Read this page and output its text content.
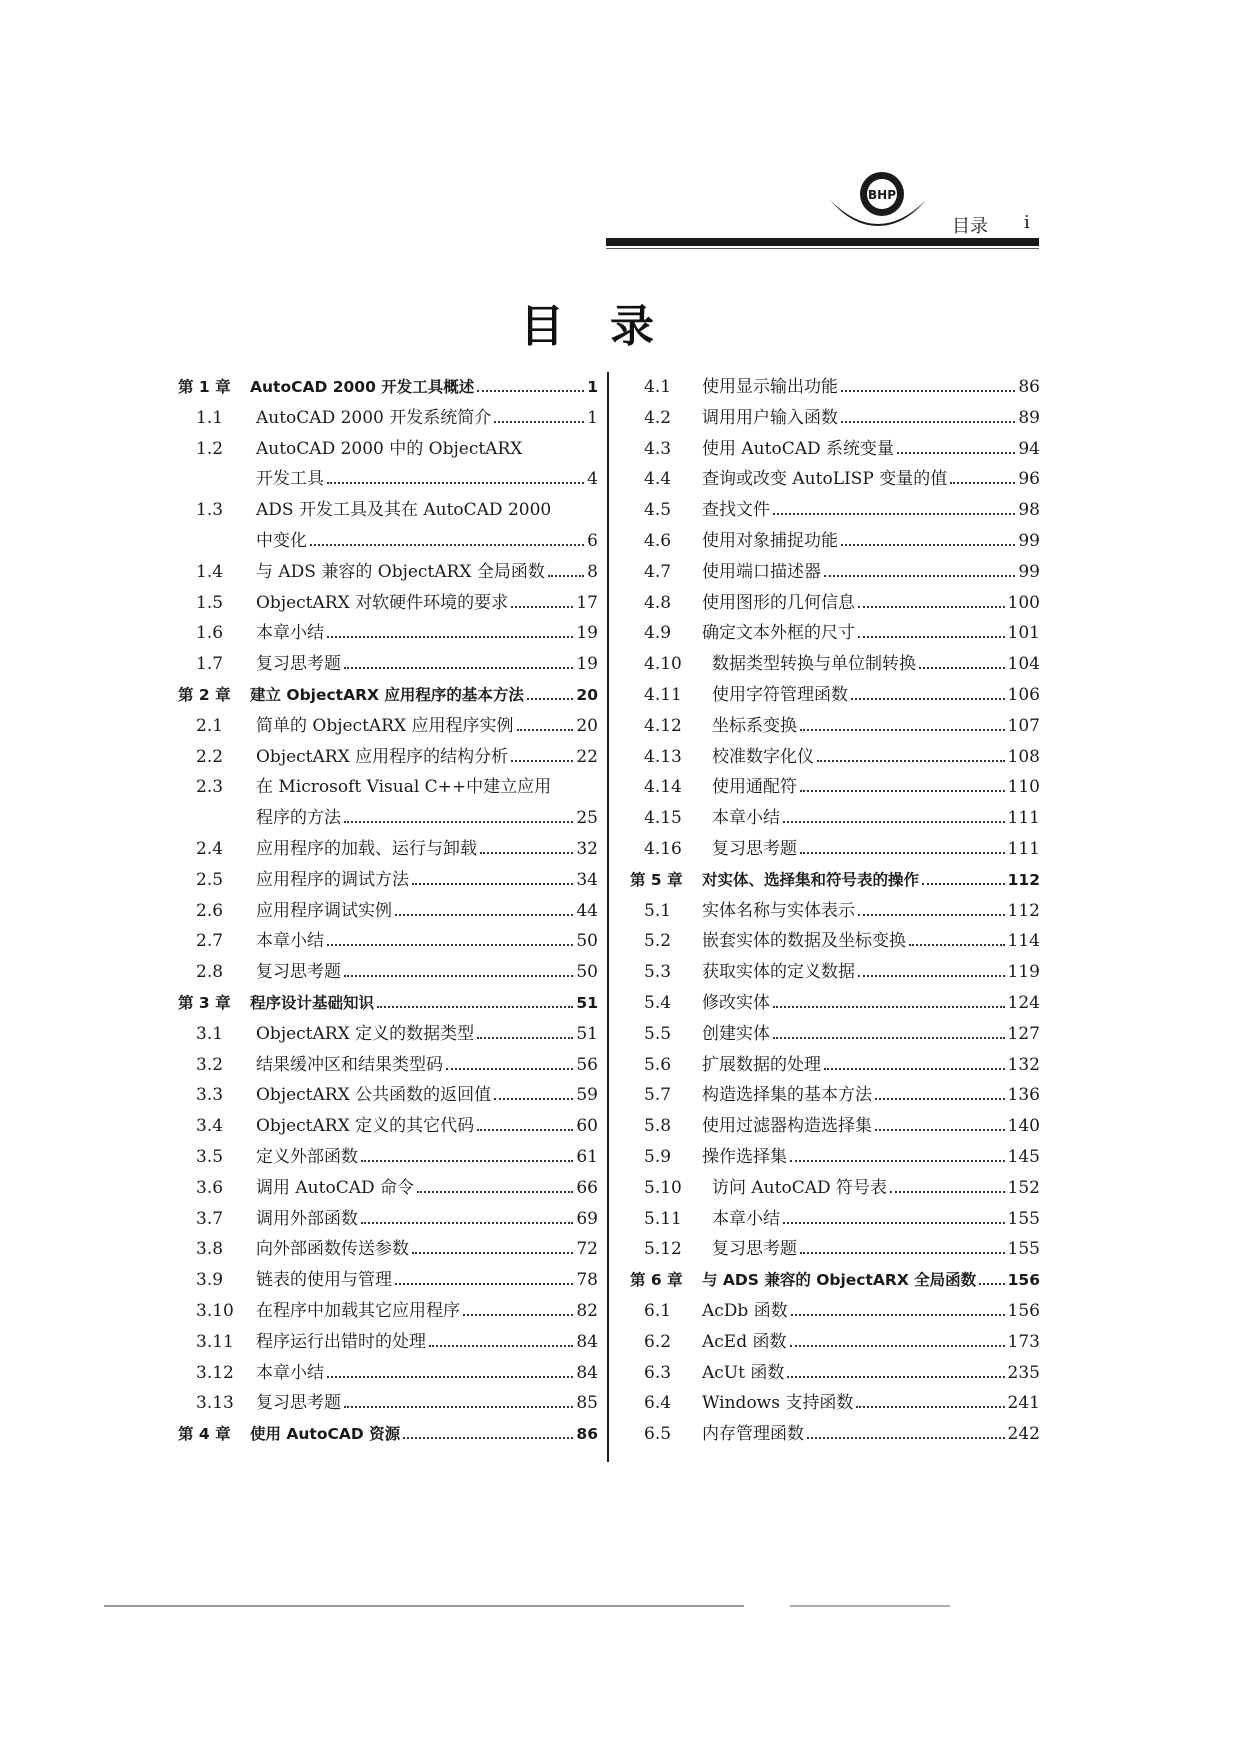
BHP
目录 i
目录
第 1 章	AutoCAD 2000 开发工具概述	1
1.1	AutoCAD 2000 开发系统简介	1
1.2	AutoCAD 2000 中的 ObjectARX
开发工具	4
1.3	ADS 开发工具及其在 AutoCAD 2000
中变化	6
1.4	与 ADS 兼容的 ObjectARX 全局函数 8
1.5	ObjectARX 对软硬件环境的要求	17
1.6	本章小结	19
1.7	复习思考题	19
第 2 章	建立 ObjectARX 应用程序的基本方法	20
2.1	简单的 ObjectARX 应用程序实例	20
2.2	ObjectARX 应用程序的结构分析	22
2.3	在 Microsoft Visual C++中建立应用
程序的方法	25
2.4	应用程序的加载、运行与卸载	32
2.5	应用程序的调试方法	34
2.6	应用程序调试实例	44
2.7	本章小结	50
2.8	复习思考题	50
第 3 章	程序设计基础知识	51
3.1	ObjectARX 定义的数据类型	51
3.2	结果缓冲区和结果类型码	56
3.3	ObjectARX 公共函数的返回值	59
3.4	ObjectARX 定义的其它代码	60
3.5	定义外部函数	61
3.6	调用 AutoCAD 命令	66
3.7	调用外部函数	69
3.8	向外部函数传送参数	72
3.9	链表的使用与管理	78
3.10	在程序中加载其它应用程序	82
3.11	程序运行出错时的处理	84
3.12	本章小结	84
3.13	复习思考题	85
第 4 章	使用 AutoCAD 资源	86
4.1	使用显示输出功能	86
4.2	调用用户输入函数	89
4.3	使用 AutoCAD 系统变量	94
4.4	查询或改变 AutoLISP 变量的值	96
4.5	查找文件	98
4.6	使用对象捕捉功能	99
4.7	使用端口描述器	99
4.8	使用图形的几何信息	100
4.9	确定文本外框的尺寸	101
4.10	数据类型转换与单位制转换	104
4.11	使用字符管理函数	106
4.12	坐标系变换	107
4.13	校准数字化仪	108
4.14	使用通配符	110
4.15	本章小结	111
4.16	复习思考题	111
第 5 章	对实体、选择集和符号表的操作	112
5.1	实体名称与实体表示	112
5.2	嵌套实体的数据及坐标变换	114
5.3	获取实体的定义数据	119
5.4	修改实体	124
5.5	创建实体	127
5.6	扩展数据的处理	132
5.7	构造选择集的基本方法	136
5.8	使用过滤器构造选择集	140
5.9	操作选择集	145
5.10	访问 AutoCAD 符号表	152
5.11	本章小结	155
5.12	复习思考题	155
第 6 章	与 ADS 兼容的 ObjectARX 全局函数 156
6.1	AcDb 函数	156
6.2	AcEd 函数	173
6.3	AcUt 函数	235
6.4	Windows 支持函数	241
6.5	内存管理函数	242
